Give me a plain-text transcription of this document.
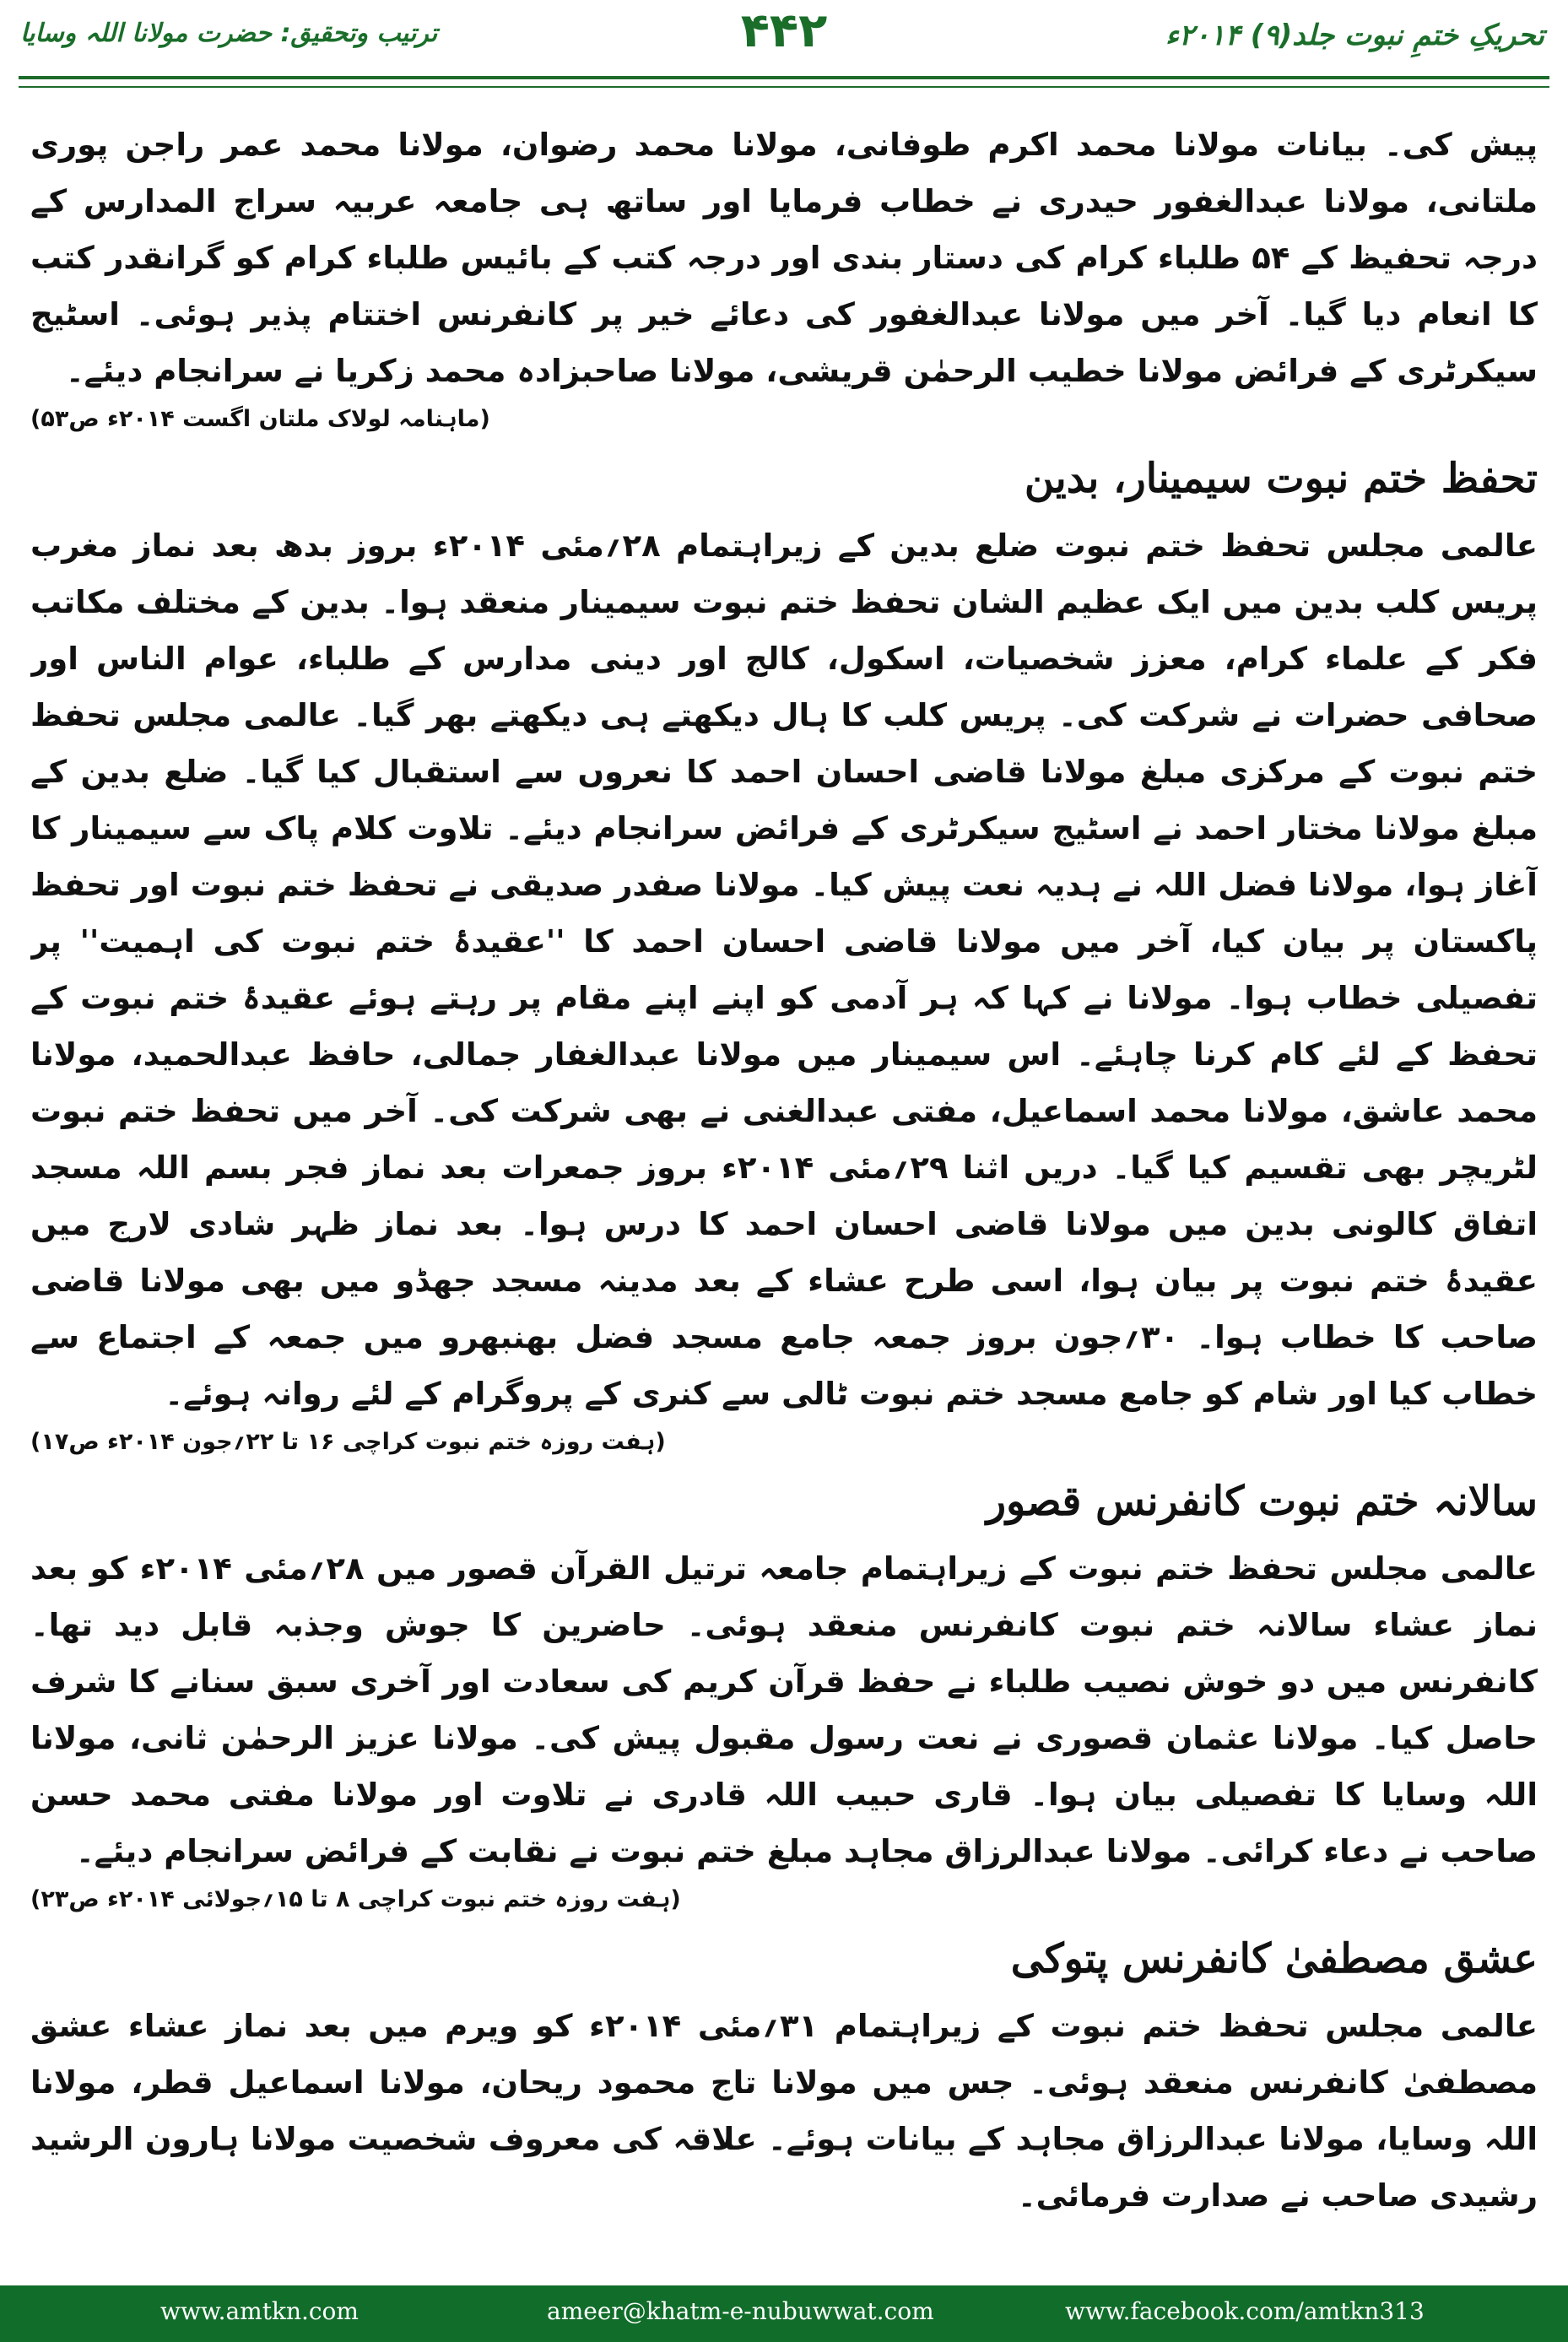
تحریکِ ختمِ نبوت جلد(۹) ۲۰۱۴ء
۴۴۲
ترتیب وتحقیق: حضرت مولانا اللہ وسایا
پیش کی۔ بیانات مولانا محمد اکرم طوفانی، مولانا محمد رضوان، مولانا محمد عمر راجن پوری ملتانی، مولانا عبدالغفور حیدری نے خطاب فرمایا اور ساتھ ہی جامعہ عربیہ سراج المدارس کے درجہ تحفیظ کے ۵۴ طلباء کرام کی دستار بندی اور درجہ کتب کے بائیس طلباء کرام کو گرانقدر کتب کا انعام دیا گیا۔ آخر میں مولانا عبدالغفور کی دعائے خیر پر کانفرنس اختتام پذیر ہوئی۔ اسٹیج سیکرٹری کے فرائض مولانا خطیب الرحمٰن قریشی، مولانا صاحبزادہ محمد زکریا نے سرانجام دیئے۔
(ماہنامہ لولاک ملتان اگست ۲۰۱۴ء ص۵۳)
تحفظ ختم نبوت سیمینار، بدین
عالمی مجلس تحفظ ختم نبوت ضلع بدین کے زیراہتمام ۲۸؍مئی ۲۰۱۴ء بروز بدھ بعد نماز مغرب پریس کلب بدین میں ایک عظیم الشان تحفظ ختم نبوت سیمینار منعقد ہوا۔ بدین کے مختلف مکاتب فکر کے علماء کرام، معزز شخصیات، اسکول، کالج اور دینی مدارس کے طلباء، عوام الناس اور صحافی حضرات نے شرکت کی۔ پریس کلب کا ہال دیکھتے ہی دیکھتے بھر گیا۔ عالمی مجلس تحفظ ختم نبوت کے مرکزی مبلغ مولانا قاضی احسان احمد کا نعروں سے استقبال کیا گیا۔ ضلع بدین کے مبلغ مولانا مختار احمد نے اسٹیج سیکرٹری کے فرائض سرانجام دیئے۔ تلاوت کلام پاک سے سیمینار کا آغاز ہوا، مولانا فضل اللہ نے ہدیہ نعت پیش کیا۔ مولانا صفدر صدیقی نے تحفظ ختم نبوت اور تحفظ پاکستان پر بیان کیا، آخر میں مولانا قاضی احسان احمد کا ''عقیدۂ ختم نبوت کی اہمیت'' پر تفصیلی خطاب ہوا۔ مولانا نے کہا کہ ہر آدمی کو اپنے اپنے مقام پر رہتے ہوئے عقیدۂ ختم نبوت کے تحفظ کے لئے کام کرنا چاہئے۔ اس سیمینار میں مولانا عبدالغفار جمالی، حافظ عبدالحمید، مولانا محمد عاشق، مولانا محمد اسماعیل، مفتی عبدالغنی نے بھی شرکت کی۔ آخر میں تحفظ ختم نبوت لٹریچر بھی تقسیم کیا گیا۔ دریں اثنا ۲۹؍مئی ۲۰۱۴ء بروز جمعرات بعد نماز فجر بسم اللہ مسجد اتفاق کالونی بدین میں مولانا قاضی احسان احمد کا درس ہوا۔ بعد نماز ظہر شادی لارج میں عقیدۂ ختم نبوت پر بیان ہوا، اسی طرح عشاء کے بعد مدینہ مسجد جھڈو میں بھی مولانا قاضی صاحب کا خطاب ہوا۔ ۳۰؍جون بروز جمعہ جامع مسجد فضل بھنبھرو میں جمعہ کے اجتماع سے خطاب کیا اور شام کو جامع مسجد ختم نبوت ٹالی سے کنری کے پروگرام کے لئے روانہ ہوئے۔
(ہفت روزہ ختم نبوت کراچی ۱۶ تا ۲۲؍جون ۲۰۱۴ء ص۱۷)
سالانہ ختم نبوت کانفرنس قصور
عالمی مجلس تحفظ ختم نبوت کے زیراہتمام جامعہ ترتیل القرآن قصور میں ۲۸؍مئی ۲۰۱۴ء کو بعد نماز عشاء سالانہ ختم نبوت کانفرنس منعقد ہوئی۔ حاضرین کا جوش وجذبہ قابل دید تھا۔ کانفرنس میں دو خوش نصیب طلباء نے حفظ قرآن کریم کی سعادت اور آخری سبق سنانے کا شرف حاصل کیا۔ مولانا عثمان قصوری نے نعت رسول مقبول پیش کی۔ مولانا عزیز الرحمٰن ثانی، مولانا اللہ وسایا کا تفصیلی بیان ہوا۔ قاری حبیب اللہ قادری نے تلاوت اور مولانا مفتی محمد حسن صاحب نے دعاء کرائی۔ مولانا عبدالرزاق مجاہد مبلغ ختم نبوت نے نقابت کے فرائض سرانجام دیئے۔
(ہفت روزہ ختم نبوت کراچی ۸ تا ۱۵؍جولائی ۲۰۱۴ء ص۲۳)
عشق مصطفیٰ کانفرنس پتوکی
عالمی مجلس تحفظ ختم نبوت کے زیراہتمام ۳۱؍مئی ۲۰۱۴ء کو ویرم میں بعد نماز عشاء عشق مصطفیٰ کانفرنس منعقد ہوئی۔ جس میں مولانا تاج محمود ریحان، مولانا اسماعیل قطر، مولانا اللہ وسایا، مولانا عبدالرزاق مجاہد کے بیانات ہوئے۔ علاقہ کی معروف شخصیت مولانا ہارون الرشید رشیدی صاحب نے صدارت فرمائی۔
www.amtkn.com	ameer@khatm-e-nubuwwat.com	www.facebook.com/amtkn313
